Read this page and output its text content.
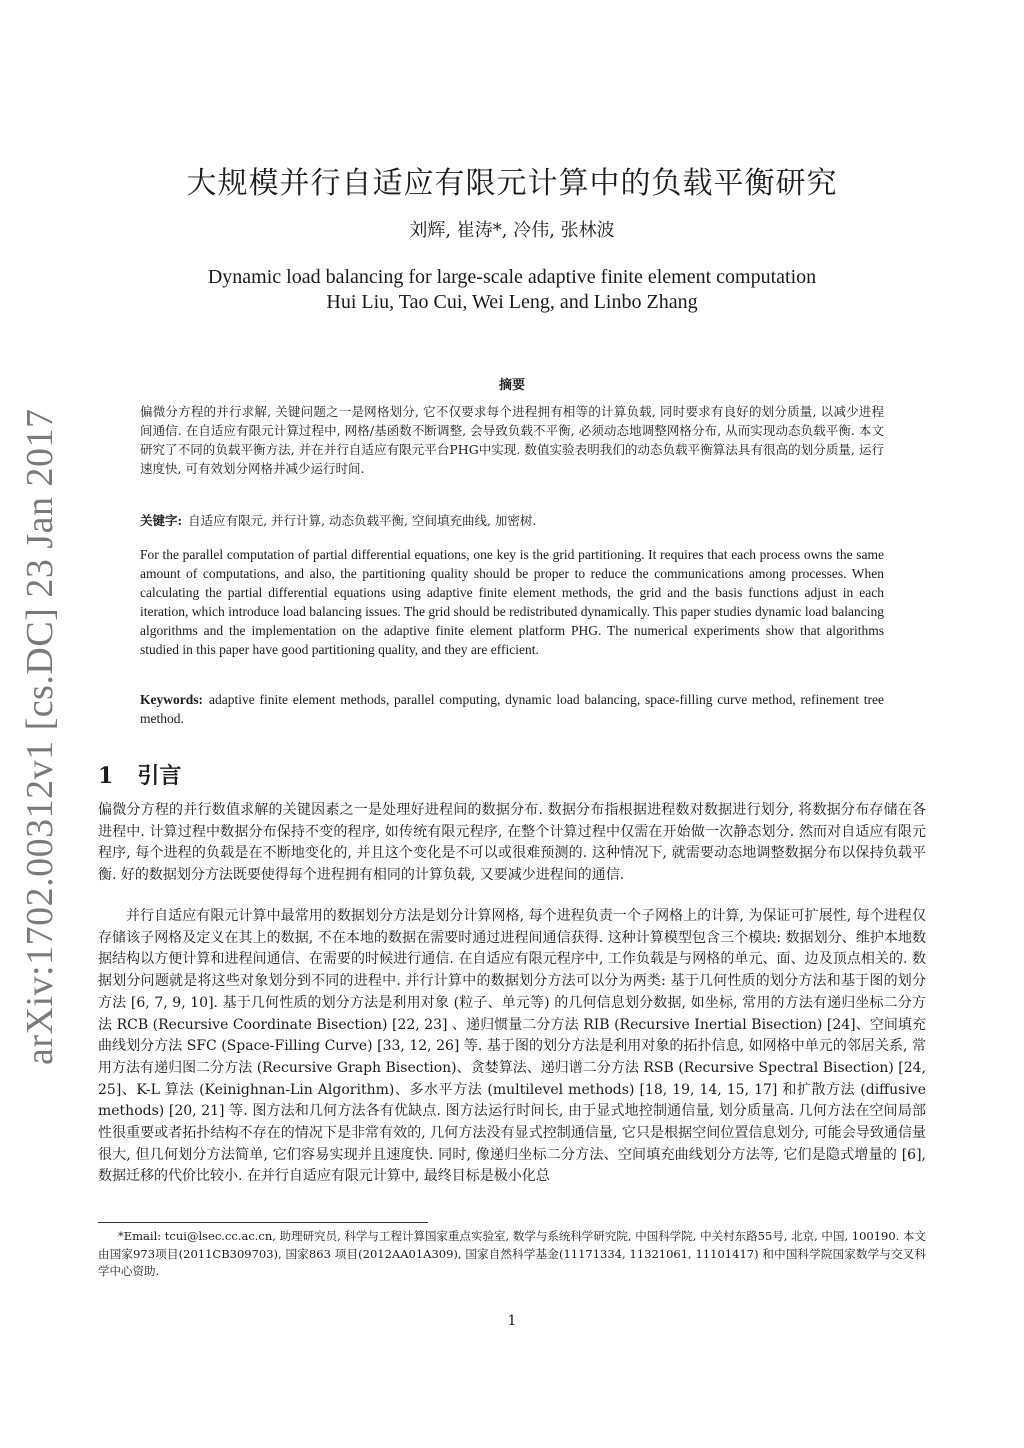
arXiv:1702.00312v1 [cs.DC] 23 Jan 2017
大规模并行自适应有限元计算中的负载平衡研究
刘辉, 崔涛*, 冷伟, 张林波
Dynamic load balancing for large-scale adaptive finite element computation
Hui Liu, Tao Cui, Wei Leng, and Linbo Zhang
摘要
偏微分方程的并行求解, 关键问题之一是网格划分, 它不仅要求每个进程拥有相等的计算负载, 同时要求有良好的划分质量, 以减少进程间通信. 在自适应有限元计算过程中, 网格/基函数不断调整, 会导致负载不平衡, 必须动态地调整网格分布, 从而实现动态负载平衡. 本文研究了不同的负载平衡方法, 并在并行自适应有限元平台PHG中实现. 数值实验表明我们的动态负载平衡算法具有很高的划分质量, 运行速度快, 可有效划分网格并减少运行时间.
关键字: 自适应有限元, 并行计算, 动态负载平衡, 空间填充曲线, 加密树.
For the parallel computation of partial differential equations, one key is the grid partitioning. It requires that each process owns the same amount of computations, and also, the partitioning quality should be proper to reduce the communications among processes. When calculating the partial differential equations using adaptive finite element methods, the grid and the basis functions adjust in each iteration, which introduce load balancing issues. The grid should be redistributed dynamically. This paper studies dynamic load balancing algorithms and the implementation on the adaptive finite element platform PHG. The numerical experiments show that algorithms studied in this paper have good partitioning quality, and they are efficient.
Keywords: adaptive finite element methods, parallel computing, dynamic load balancing, space-filling curve method, refinement tree method.
1 引言
偏微分方程的并行数值求解的关键因素之一是处理好进程间的数据分布. 数据分布指根据进程数对数据进行划分, 将数据分布存储在各进程中. 计算过程中数据分布保持不变的程序, 如传统有限元程序, 在整个计算过程中仅需在开始做一次静态划分. 然而对自适应有限元程序, 每个进程的负载是在不断地变化的, 并且这个变化是不可以或很难预测的. 这种情况下, 就需要动态地调整数据分布以保持负载平衡. 好的数据划分方法既要使得每个进程拥有相同的计算负载, 又要减少进程间的通信.
并行自适应有限元计算中最常用的数据划分方法是划分计算网格, 每个进程负责一个子网格上的计算, 为保证可扩展性, 每个进程仅存储该子网格及定义在其上的数据, 不在本地的数据在需要时通过进程间通信获得. 这种计算模型包含三个模块: 数据划分、维护本地数据结构以方便计算和进程间通信、在需要的时候进行通信. 在自适应有限元程序中, 工作负载是与网格的单元、面、边及顶点相关的. 数据划分问题就是将这些对象划分到不同的进程中. 并行计算中的数据划分方法可以分为两类: 基于几何性质的划分方法和基于图的划分方法 [6, 7, 9, 10]. 基于几何性质的划分方法是利用对象 (粒子、单元等) 的几何信息划分数据, 如坐标, 常用的方法有递归坐标二分方法 RCB (Recursive Coordinate Bisection) [22, 23] 、递归惯量二分方法 RIB (Recursive Inertial Bisection) [24]、空间填充曲线划分方法 SFC (Space-Filling Curve) [33, 12, 26] 等. 基于图的划分方法是利用对象的拓扑信息, 如网格中单元的邻居关系, 常用方法有递归图二分方法 (Recursive Graph Bisection)、贪婪算法、递归谱二分方法 RSB (Recursive Spectral Bisection) [24, 25]、K-L 算法 (Keinighnan-Lin Algorithm)、多水平方法 (multilevel methods) [18, 19, 14, 15, 17] 和扩散方法 (diffusive methods) [20, 21] 等. 图方法和几何方法各有优缺点. 图方法运行时间长, 由于显式地控制通信量, 划分质量高. 几何方法在空间局部性很重要或者拓扑结构不存在的情况下是非常有效的, 几何方法没有显式控制通信量, 它只是根据空间位置信息划分, 可能会导致通信量很大, 但几何划分方法简单, 它们容易实现并且速度快. 同时, 像递归坐标二分方法、空间填充曲线划分方法等, 它们是隐式增量的 [6], 数据迁移的代价比较小. 在并行自适应有限元计算中, 最终目标是极小化总
*Email: tcui@lsec.cc.ac.cn, 助理研究员, 科学与工程计算国家重点实验室, 数学与系统科学研究院, 中国科学院, 中关村东路55号, 北京, 中国, 100190. 本文由国家973项目(2011CB309703), 国家863 项目(2012AA01A309), 国家自然科学基金(11171334, 11321061, 11101417) 和中国科学院国家数学与交叉科学中心资助.
1
